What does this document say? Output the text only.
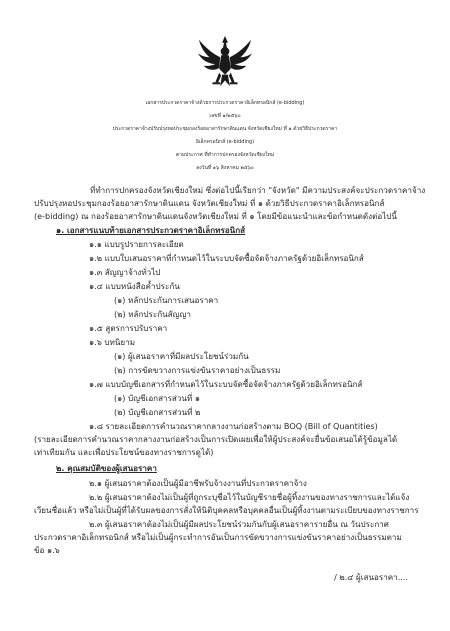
เอกสารประกวดราคาจ้างด้วยการประกวดราคาอิเล็กทรอนิกส์ (e-bidding)
เลขที่ ๑/๒๕๖๐
ประกวดราคาจ้างปรับปรุงหอประชุมกองร้อยอาสารักษาดินแดน จังหวัดเชียงใหม่ ที่ ๑ ด้วยวิธีประกวดราคา
อิเล็กทรอนิกส์ (e-bidding)
ตามประกาศ ที่ทำการปกครองจังหวัดเชียงใหม่
ลงวันที่ ๑๖ สิงหาคม ๒๕๖๐
ที่ทำการปกครองจังหวัดเชียงใหม่ ซึ่งต่อไปนี้เรียกว่า "จังหวัด" มีความประสงค์จะประกวดราคาจ้าง
ปรับปรุงหอประชุมกองร้อยอาสารักษาดินแดน จังหวัดเชียงใหม่ ที่ ๑ ด้วยวิธีประกวดราคาอิเล็กทรอนิกส์
(e-bidding) ณ กองร้อยอาสารักษาดินแดนจังหวัดเชียงใหม่ ที่ ๑ โดยมีข้อแนะนำและข้อกำหนดดังต่อไปนี้
๑. เอกสารแนบท้ายเอกสารประกวดราคาอิเล็กทรอนิกส์
๑.๑ แบบรูปรายการละเอียด
๑.๒ แบบใบเสนอราคาที่กำหนดไว้ในระบบจัดซื้อจัดจ้างภาครัฐด้วยอิเล็กทรอนิกส์
๑.๓ สัญญาจ้างทั่วไป
๑.๔ แบบหนังสือค้ำประกัน
(๑) หลักประกันการเสนอราคา
(๒) หลักประกันสัญญา
๑.๕ สูตรการปรับราคา
๑.๖ บทนิยาม
(๑) ผู้เสนอราคาที่มีผลประโยชน์ร่วมกัน
(๒) การขัดขวางการแข่งขันราคาอย่างเป็นธรรม
๑.๗ แบบบัญชีเอกสารที่กำหนดไว้ในระบบจัดซื้อจัดจ้างภาครัฐด้วยอิเล็กทรอนิกส์
(๑) บัญชีเอกสารส่วนที่ ๑
(๒) บัญชีเอกสารส่วนที่ ๒
๑.๘ รายละเอียดการคำนวณราคากลางงานก่อสร้างตาม BOQ (Bill of Quantities)
(รายละเอียดการคำนวณราคากลางงานก่อสร้างเป็นการเปิดเผยเพื่อให้ผู้ประสงค์จะยื่นข้อเสนอได้รู้ข้อมูลได้
เท่าเทียมกัน และเพื่อประโยชน์ของทางราชการดูได้)
๒. คุณสมบัติของผู้เสนอราคา
๒.๑ ผู้เสนอราคาต้องเป็นผู้มีอาชีพรับจ้างงานที่ประกวดราคาจ้าง
๒.๒ ผู้เสนอราคาต้องไม่เป็นผู้ที่ถูกระบุชื่อไว้ในบัญชีรายชื่อผู้ทิ้งงานของทางราชการและได้แจ้ง
เวียนชื่อแล้ว หรือไม่เป็นผู้ที่ได้รับผลของการสั่งให้นิติบุคคลหรือบุคคลอื่นเป็นผู้ทิ้งงานตามระเบียบของทางราชการ
๒.๓ ผู้เสนอราคาต้องไม่เป็นผู้มีผลประโยชน์ร่วมกันกับผู้เสนอราคารายอื่น ณ วันประกาศ
ประกวดราคาอิเล็กทรอนิกส์ หรือไม่เป็นผู้กระทำการอันเป็นการขัดขวางการแข่งขันราคาอย่างเป็นธรรมตาม
ข้อ ๑.๖
/ ๒.๔ ผู้เสนอราคา....
